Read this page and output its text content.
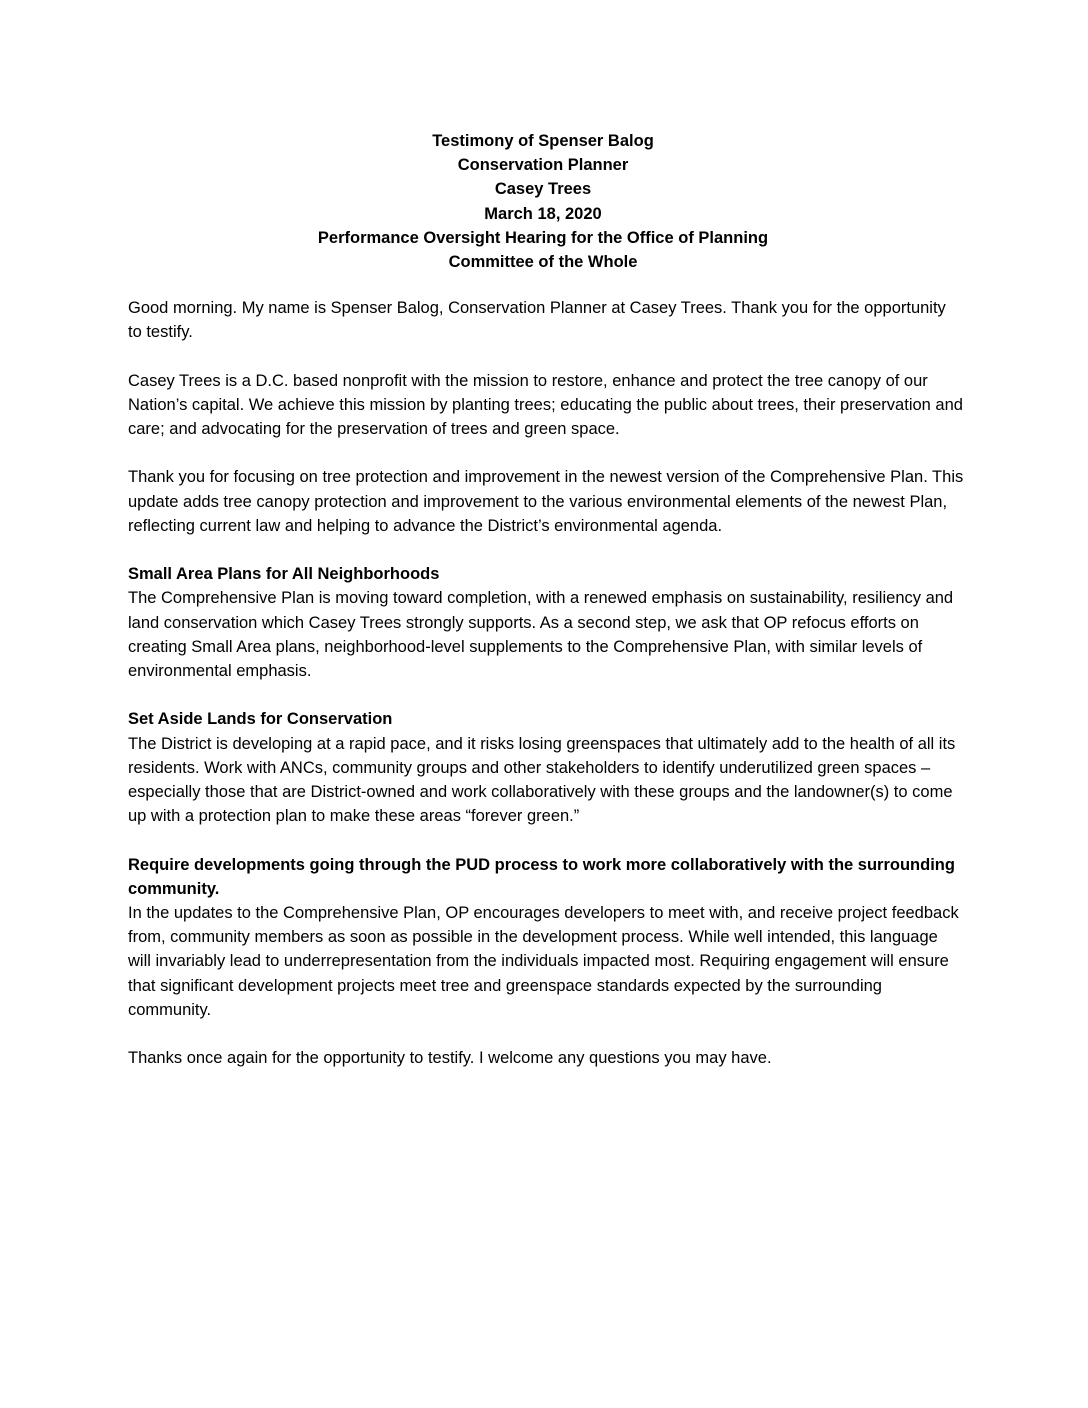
Testimony of Spenser Balog
Conservation Planner
Casey Trees
March 18, 2020
Performance Oversight Hearing for the Office of Planning
Committee of the Whole

Good morning. My name is Spenser Balog, Conservation Planner at Casey Trees. Thank you for the opportunity to testify.

Casey Trees is a D.C. based nonprofit with the mission to restore, enhance and protect the tree canopy of our Nation’s capital. We achieve this mission by planting trees; educating the public about trees, their preservation and care; and advocating for the preservation of trees and green space.

Thank you for focusing on tree protection and improvement in the newest version of the Comprehensive Plan. This update adds tree canopy protection and improvement to the various environmental elements of the newest Plan, reflecting current law and helping to advance the District’s environmental agenda.

Small Area Plans for All Neighborhoods
The Comprehensive Plan is moving toward completion, with a renewed emphasis on sustainability, resiliency and land conservation which Casey Trees strongly supports. As a second step, we ask that OP refocus efforts on creating Small Area plans, neighborhood-level supplements to the Comprehensive Plan, with similar levels of environmental emphasis.
Set Aside Lands for Conservation
The District is developing at a rapid pace, and it risks losing greenspaces that ultimately add to the health of all its residents. Work with ANCs, community groups and other stakeholders to identify underutilized green spaces – especially those that are District-owned and work collaboratively with these groups and the landowner(s) to come up with a protection plan to make these areas “forever green.”
Require developments going through the PUD process to work more collaboratively with the surrounding community.
In the updates to the Comprehensive Plan, OP encourages developers to meet with, and receive project feedback from, community members as soon as possible in the development process. While well intended, this language will invariably lead to underrepresentation from the individuals impacted most. Requiring engagement will ensure that significant development projects meet tree and greenspace standards expected by the surrounding community.

Thanks once again for the opportunity to testify. I welcome any questions you may have.
